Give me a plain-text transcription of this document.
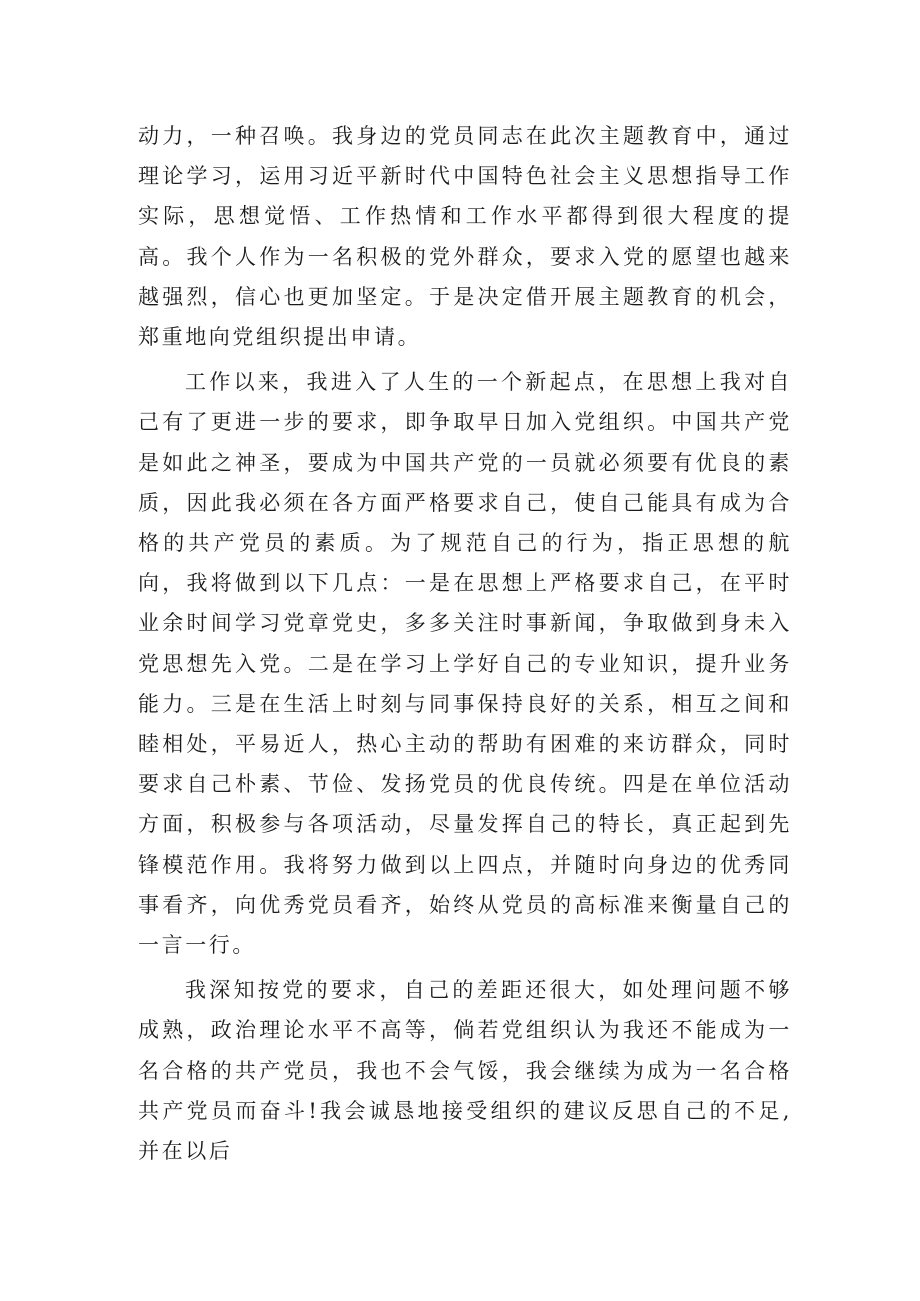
动力，一种召唤。我身边的党员同志在此次主题教育中，通过理论学习，运用习近平新时代中国特色社会主义思想指导工作实际，思想觉悟、工作热情和工作水平都得到很大程度的提高。我个人作为一名积极的党外群众，要求入党的愿望也越来越强烈，信心也更加坚定。于是决定借开展主题教育的机会，郑重地向党组织提出申请。

工作以来，我进入了人生的一个新起点，在思想上我对自己有了更进一步的要求，即争取早日加入党组织。中国共产党是如此之神圣，要成为中国共产党的一员就必须要有优良的素质，因此我必须在各方面严格要求自己，使自己能具有成为合格的共产党员的素质。为了规范自己的行为，指正思想的航向，我将做到以下几点：一是在思想上严格要求自己，在平时业余时间学习党章党史，多多关注时事新闻，争取做到身未入党思想先入党。二是在学习上学好自己的专业知识，提升业务能力。三是在生活上时刻与同事保持良好的关系，相互之间和睦相处，平易近人，热心主动的帮助有困难的来访群众，同时要求自己朴素、节俭、发扬党员的优良传统。四是在单位活动方面，积极参与各项活动，尽量发挥自己的特长，真正起到先锋模范作用。我将努力做到以上四点，并随时向身边的优秀同事看齐，向优秀党员看齐，始终从党员的高标准来衡量自己的一言一行。

我深知按党的要求，自己的差距还很大，如处理问题不够成熟，政治理论水平不高等，倘若党组织认为我还不能成为一名合格的共产党员，我也不会气馁，我会继续为成为一名合格共产党员而奋斗!我会诚恳地接受组织的建议反思自己的不足,并在以后
